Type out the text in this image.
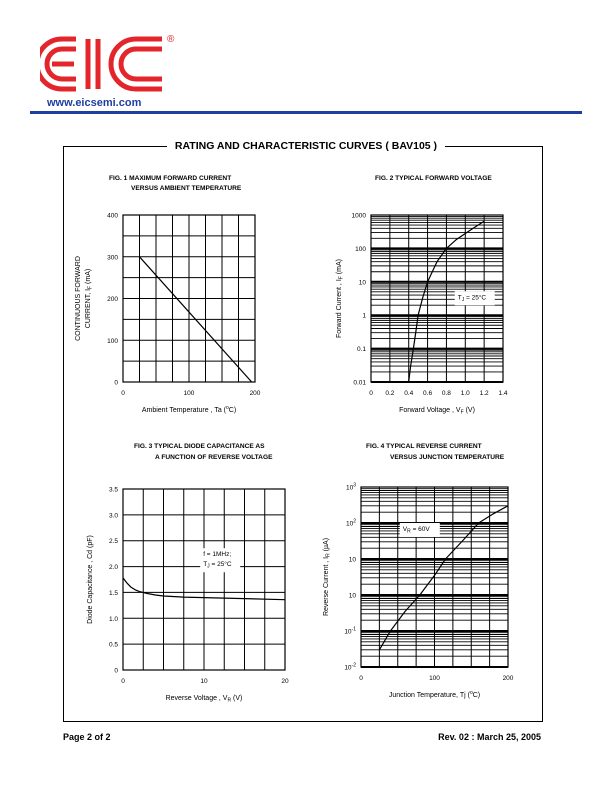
®
www.eicsemi.com
RATING AND CHARACTERISTIC CURVES ( BAV105 )
FIG. 1 MAXIMUM FORWARD CURRENT
VERSUS AMBIENT TEMPERATURE
FIG. 2 TYPICAL FORWARD VOLTAGE
FIG. 3 TYPICAL DIODE CAPACITANCE AS
A FUNCTION OF REVERSE VOLTAGE
FIG. 4 TYPICAL REVERSE CURRENT
VERSUS JUNCTION TEMPERATURE
0	100	200
0
100
200
300
400
Ambient Temperature , Ta ($^o$C)
CONTINUOUS FORWARD CURRENT, $I_F$ (mA)
0 0.2 0.4 0.6 0.8 1.0 1.2 1.4
0.01
0.1
1
10
100
1000
Forward Voltage , $V_F$ (V)
Forward Current , $I_F$ (mA)
$T_J = 25^\circ C$
0	10	20
0
0.5
1.0
1.5
2.0
2.5
3.0
3.5
Reverse Voltage , $V_R$ (V)
Diode Capacitance , Cd (pF)	f = 1MHz;
$T_J = 25^\circ C$
0	100	200
$10^{-2}$
$10^{-1}$
10
10
$10^2$
$10^3$
Junction Temperature, Tj ($^o$C)
Reverse Current , $I_R$ (µA)
$V_R = 60V$
Page 2 of 2	Rev. 02 : March 25, 2005
